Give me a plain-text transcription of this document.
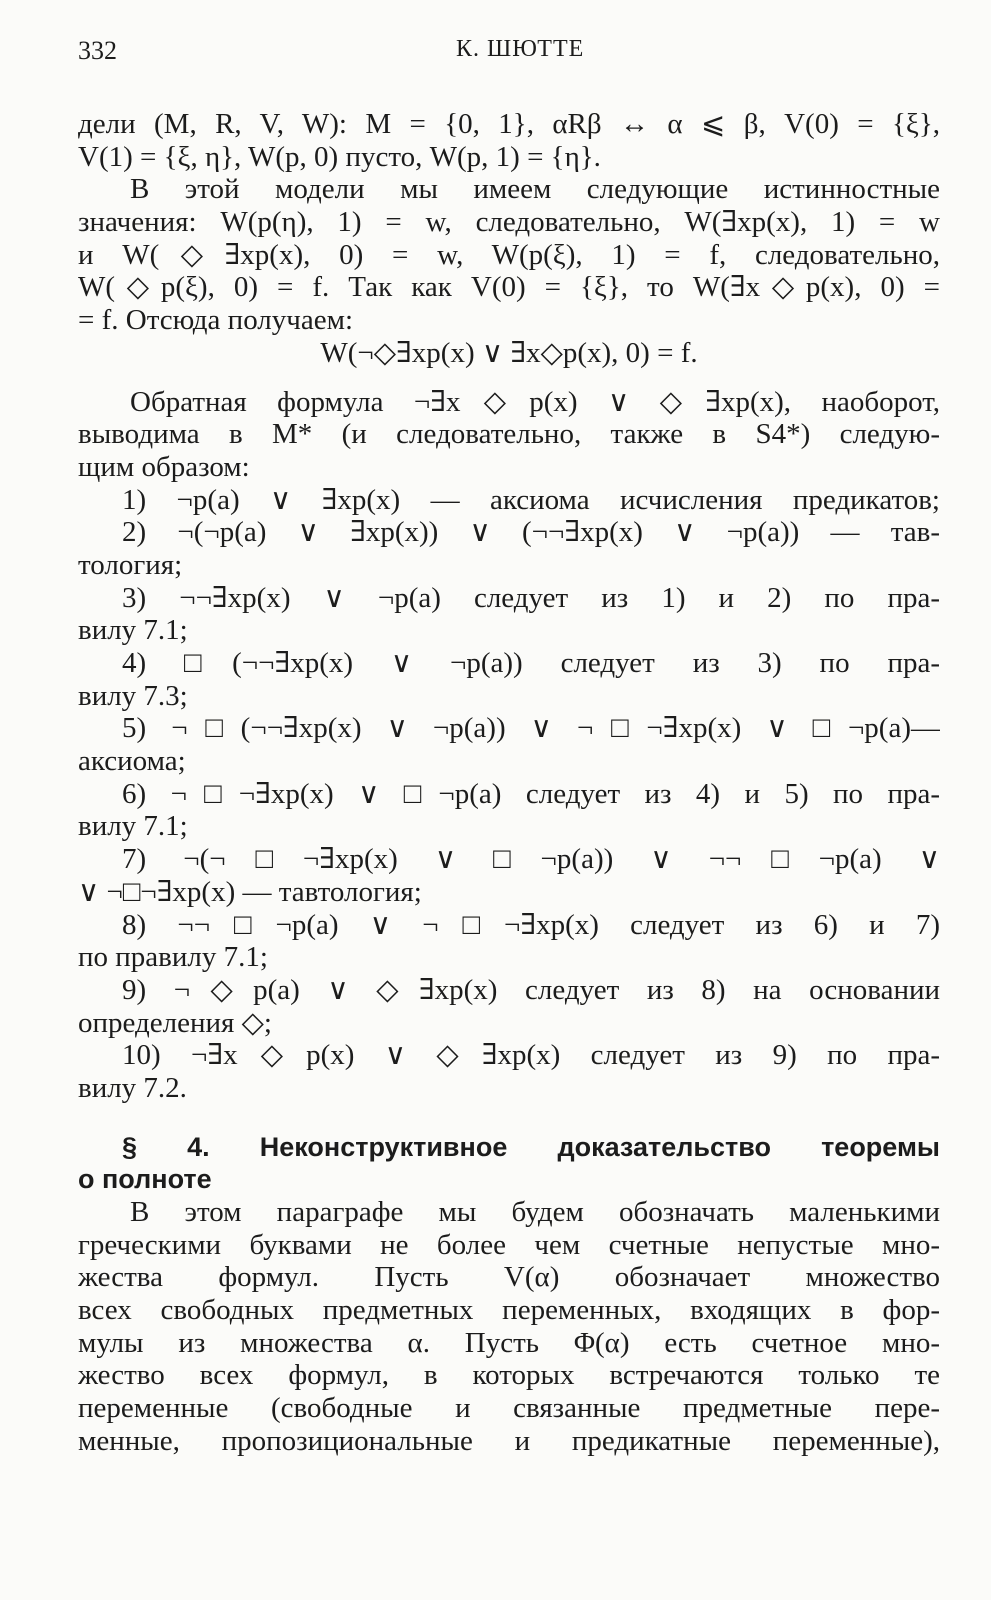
332	К. ШЮТТЕ
дели (M, R, V, W): M = {0, 1}, αRβ ↔ α ⩽ β, V(0) = {ξ},
V(1) = {ξ, η}, W(p, 0) пусто, W(p, 1) = {η}.
В этой модели мы имеем следующие истинностные
значения: W(p(η), 1) = w, следовательно, W(∃xp(x), 1) = w
и W(◇∃xp(x), 0) = w, W(p(ξ), 1) = f, следовательно,
W(◇p(ξ), 0) = f. Так как V(0) = {ξ}, то W(∃x◇p(x), 0) =
= f. Отсюда получаем:
W(¬◇∃xp(x) ∨ ∃x◇p(x), 0) = f.
Обратная формула ¬∃x◇p(x) ∨ ◇∃xp(x), наоборот,
выводима в M* (и следовательно, также в S4*) следую-
щим образом:
1) ¬p(a) ∨ ∃xp(x) — аксиома исчисления предикатов;
2) ¬(¬p(a) ∨ ∃xp(x)) ∨ (¬¬∃xp(x) ∨ ¬p(a)) — тав-
тология;
3) ¬¬∃xp(x) ∨ ¬p(a) следует из 1) и 2) по пра-
вилу 7.1;
4) □(¬¬∃xp(x) ∨ ¬p(a)) следует из 3) по пра-
вилу 7.3;
5) ¬□(¬¬∃xp(x) ∨ ¬p(a)) ∨ ¬□¬∃xp(x) ∨ □¬p(a)—
аксиома;
6) ¬□¬∃xp(x) ∨ □¬p(a) следует из 4) и 5) по пра-
вилу 7.1;
7) ¬(¬□¬∃xp(x) ∨ □¬p(a)) ∨ ¬¬□¬p(a) ∨
∨ ¬□¬∃xp(x) — тавтология;
8) ¬¬□¬p(a) ∨ ¬□¬∃xp(x) следует из 6) и 7)
по правилу 7.1;
9) ¬◇p(a) ∨ ◇∃xp(x) следует из 8) на основании
определения ◇;
10) ¬∃x◇p(x) ∨ ◇∃xp(x) следует из 9) по пра-
вилу 7.2.
§ 4. Неконструктивное доказательство теоремы
о полноте
В этом параграфе мы будем обозначать маленькими
греческими буквами не более чем счетные непустые мно-
жества формул. Пусть V(α) обозначает множество
всех свободных предметных переменных, входящих в фор-
мулы из множества α. Пусть Φ(α) есть счетное мно-
жество всех формул, в которых встречаются только те
переменные (свободные и связанные предметные пере-
менные, пропозициональные и предикатные переменные),
